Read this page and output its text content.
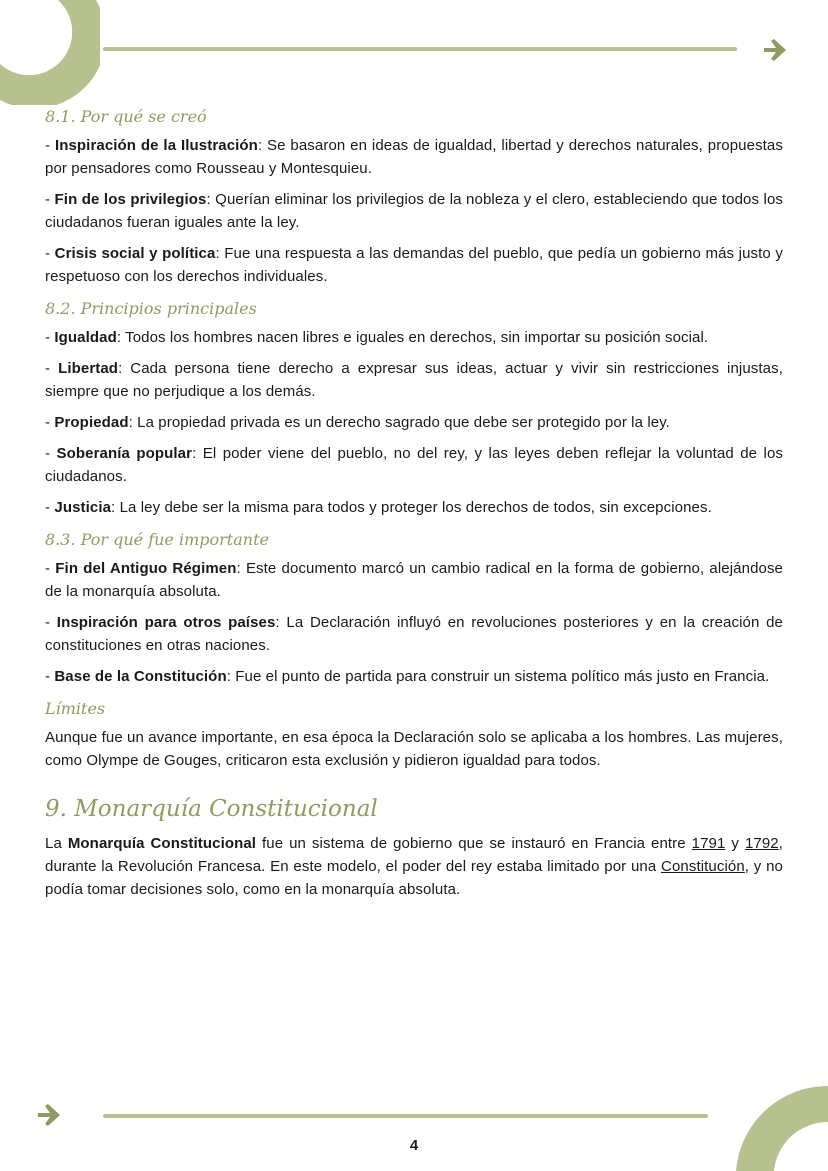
8.1. Por qué se creó

- Inspiración de la Ilustración: Se basaron en ideas de igualdad, libertad y derechos naturales, propuestas por pensadores como Rousseau y Montesquieu.

- Fin de los privilegios: Querían eliminar los privilegios de la nobleza y el clero, estableciendo que todos los ciudadanos fueran iguales ante la ley.

- Crisis social y política: Fue una respuesta a las demandas del pueblo, que pedía un gobierno más justo y respetuoso con los derechos individuales.

8.2. Principios principales

- Igualdad: Todos los hombres nacen libres e iguales en derechos, sin importar su posición social.

- Libertad: Cada persona tiene derecho a expresar sus ideas, actuar y vivir sin restricciones injustas, siempre que no perjudique a los demás.

- Propiedad: La propiedad privada es un derecho sagrado que debe ser protegido por la ley.

- Soberanía popular: El poder viene del pueblo, no del rey, y las leyes deben reflejar la voluntad de los ciudadanos.

- Justicia: La ley debe ser la misma para todos y proteger los derechos de todos, sin excepciones.

8.3. Por qué fue importante

- Fin del Antiguo Régimen: Este documento marcó un cambio radical en la forma de gobierno, alejándose de la monarquía absoluta.

- Inspiración para otros países: La Declaración influyó en revoluciones posteriores y en la creación de constituciones en otras naciones.

- Base de la Constitución: Fue el punto de partida para construir un sistema político más justo en Francia.

Límites

Aunque fue un avance importante, en esa época la Declaración solo se aplicaba a los hombres. Las mujeres, como Olympe de Gouges, criticaron esta exclusión y pidieron igualdad para todos.

9. Monarquía Constitucional

La Monarquía Constitucional fue un sistema de gobierno que se instauró en Francia entre 1791 y 1792, durante la Revolución Francesa. En este modelo, el poder del rey estaba limitado por una Constitución, y no podía tomar decisiones solo, como en la monarquía absoluta.

4
